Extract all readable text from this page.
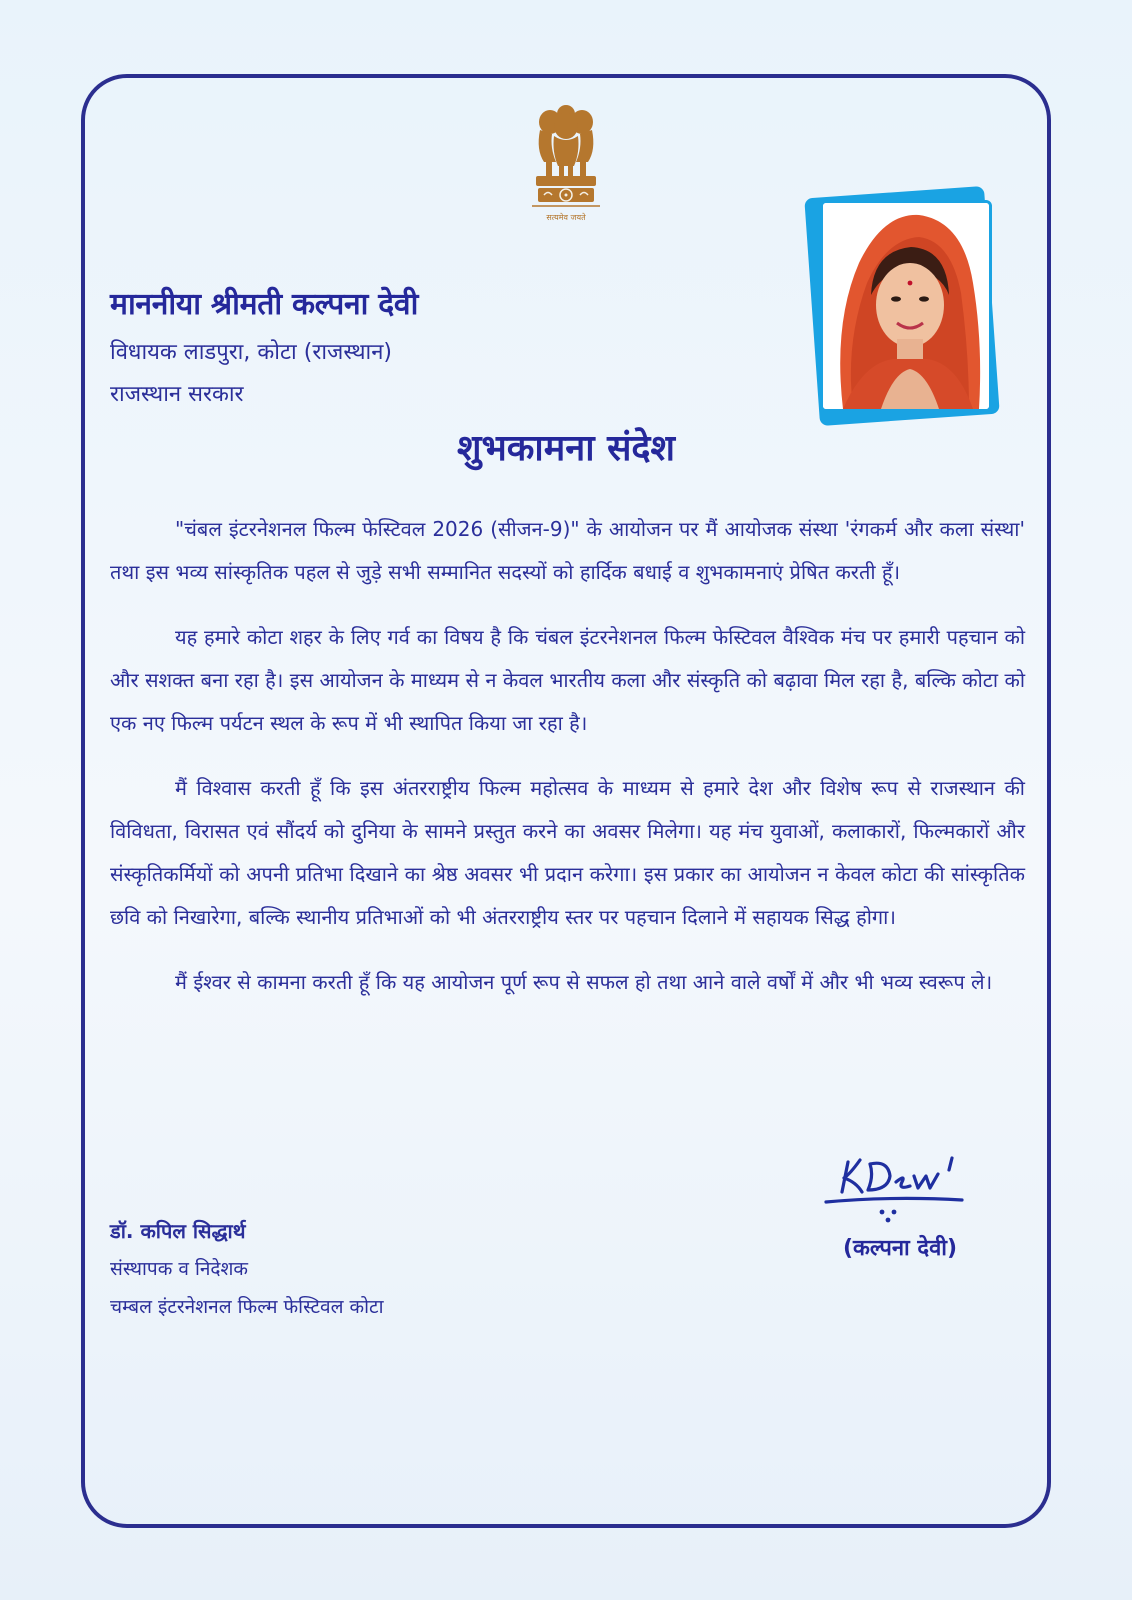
सत्यमेव जयते
माननीया श्रीमती कल्पना देवी
विधायक लाडपुरा, कोटा (राजस्थान)
राजस्थान सरकार
शुभकामना संदेश

"चंबल इंटरनेशनल फिल्म फेस्टिवल 2026 (सीजन-9)" के आयोजन पर मैं आयोजक संस्था 'रंगकर्म और कला संस्था' तथा इस भव्य सांस्कृतिक पहल से जुड़े सभी सम्मानित सदस्यों को हार्दिक बधाई व शुभकामनाएं प्रेषित करती हूँ।

यह हमारे कोटा शहर के लिए गर्व का विषय है कि चंबल इंटरनेशनल फिल्म फेस्टिवल वैश्विक मंच पर हमारी पहचान को और सशक्त बना रहा है। इस आयोजन के माध्यम से न केवल भारतीय कला और संस्कृति को बढ़ावा मिल रहा है, बल्कि कोटा को एक नए फिल्म पर्यटन स्थल के रूप में भी स्थापित किया जा रहा है।

मैं विश्वास करती हूँ कि इस अंतरराष्ट्रीय फिल्म महोत्सव के माध्यम से हमारे देश और विशेष रूप से राजस्थान की विविधता, विरासत एवं सौंदर्य को दुनिया के सामने प्रस्तुत करने का अवसर मिलेगा। यह मंच युवाओं, कलाकारों, फिल्मकारों और संस्कृतिकर्मियों को अपनी प्रतिभा दिखाने का श्रेष्ठ अवसर भी प्रदान करेगा। इस प्रकार का आयोजन न केवल कोटा की सांस्कृतिक छवि को निखारेगा, बल्कि स्थानीय प्रतिभाओं को भी अंतरराष्ट्रीय स्तर पर पहचान दिलाने में सहायक सिद्ध होगा।

मैं ईश्वर से कामना करती हूँ कि यह आयोजन पूर्ण रूप से सफल हो तथा आने वाले वर्षों में और भी भव्य स्वरूप ले।

डॉ. कपिल सिद्धार्थ
संस्थापक व निदेशक
चम्बल इंटरनेशनल फिल्म फेस्टिवल कोटा
(कल्पना देवी)
